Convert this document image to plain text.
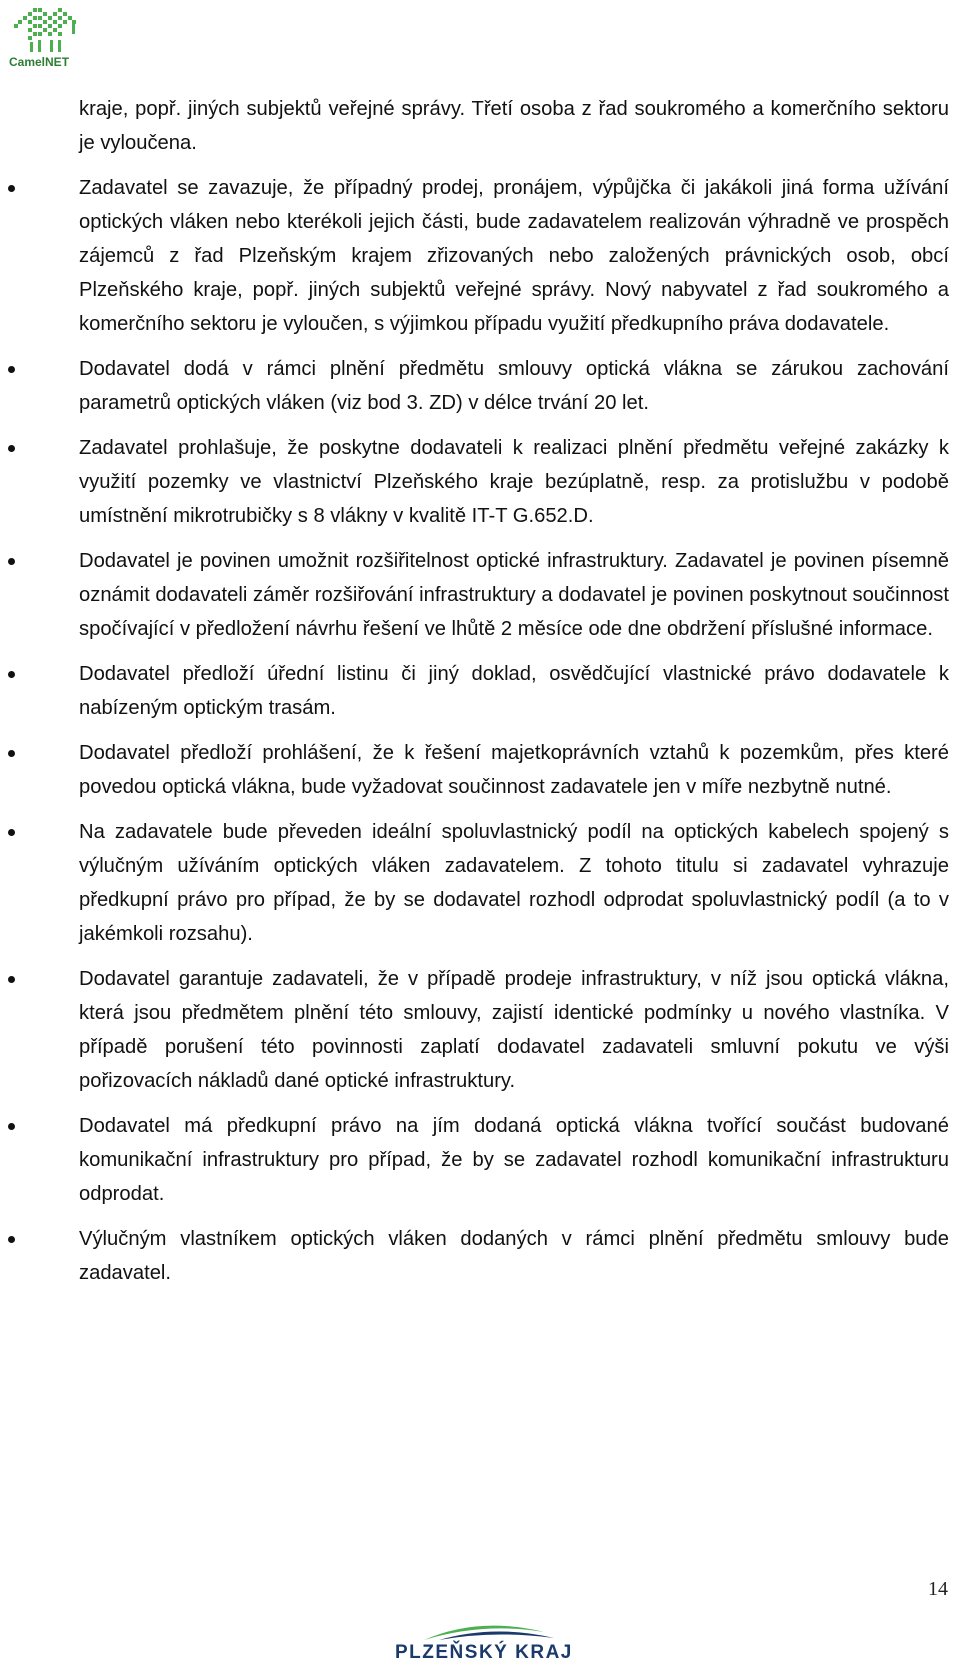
CamelNET

kraje, popř. jiných subjektů veřejné správy. Třetí osoba z řad soukromého a komerčního sektoru je vyloučena.

Zadavatel se zavazuje, že případný prodej, pronájem, výpůjčka či jakákoli jiná forma užívání optických vláken nebo kterékoli jejich části, bude zadavatelem realizován výhradně ve prospěch zájemců z řad Plzeňským krajem zřizovaných nebo založených právnických osob, obcí Plzeňského kraje, popř. jiných subjektů veřejné správy. Nový nabyvatel z řad soukromého a komerčního sektoru je vyloučen, s výjimkou případu využití předkupního práva dodavatele.
Dodavatel dodá v rámci plnění předmětu smlouvy optická vlákna se zárukou zachování parametrů optických vláken (viz bod 3. ZD) v délce trvání 20 let.
Zadavatel prohlašuje, že poskytne dodavateli k realizaci plnění předmětu veřejné zakázky k využití pozemky ve vlastnictví Plzeňského kraje bezúplatně, resp. za protislužbu v podobě umístnění mikrotrubičky s 8 vlákny v kvalitě IT-T G.652.D.
Dodavatel je povinen umožnit rozšiřitelnost optické infrastruktury. Zadavatel je povinen písemně oznámit dodavateli záměr rozšiřování infrastruktury a dodavatel je povinen poskytnout součinnost spočívající v předložení návrhu řešení ve lhůtě 2 měsíce ode dne obdržení příslušné informace.
Dodavatel předloží úřední listinu či jiný doklad, osvědčující vlastnické právo dodavatele k nabízeným optickým trasám.
Dodavatel předloží prohlášení, že k řešení majetkoprávních vztahů k pozemkům, přes které povedou optická vlákna, bude vyžadovat součinnost zadavatele jen v míře nezbytně nutné.
Na zadavatele bude převeden ideální spoluvlastnický podíl na optických kabelech spojený s výlučným užíváním optických vláken zadavatelem. Z tohoto titulu si zadavatel vyhrazuje předkupní právo pro případ, že by se dodavatel rozhodl odprodat spoluvlastnický podíl (a to v jakémkoli rozsahu).
Dodavatel garantuje zadavateli, že v případě prodeje infrastruktury, v níž jsou optická vlákna, která jsou předmětem plnění této smlouvy, zajistí identické podmínky u nového vlastníka. V případě porušení této povinnosti zaplatí dodavatel zadavateli smluvní pokutu ve výši pořizovacích nákladů dané optické infrastruktury.
Dodavatel má předkupní právo na jím dodaná optická vlákna tvořící součást budované komunikační infrastruktury pro případ, že by se zadavatel rozhodl komunikační infrastrukturu odprodat.
Výlučným vlastníkem optických vláken dodaných v rámci plnění předmětu smlouvy bude zadavatel.
14
PLZEŇSKÝ KRAJ
